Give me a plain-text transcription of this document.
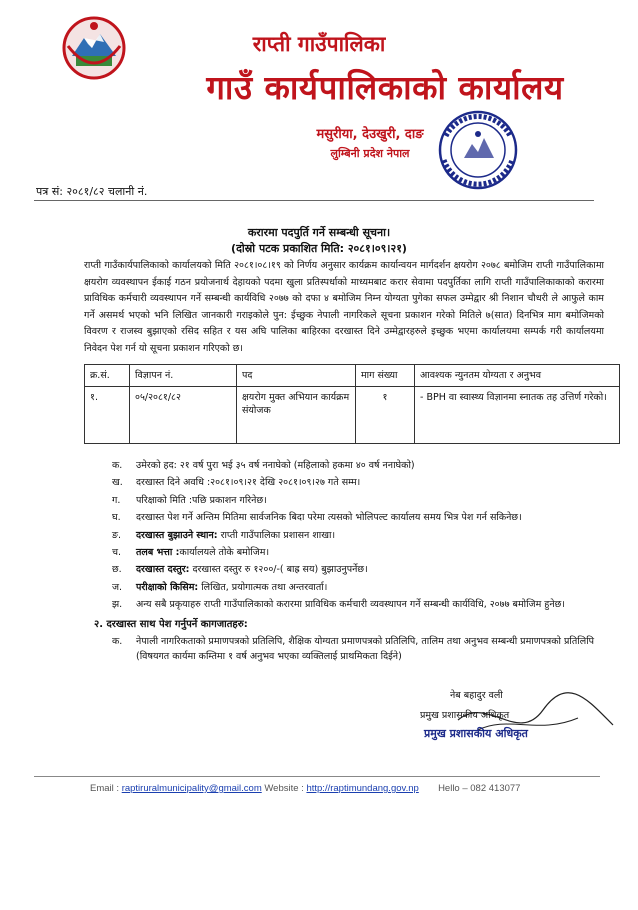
राप्ती गाउँपालिका
गाउँ कार्यपालिकाको कार्यालय
मसुरीया, देउखुरी, दाङ
लुम्बिनी प्रदेश नेपाल
पत्र सं: २०८१/८२ चलानी नं.
करारमा पदपुर्ति गर्ने सम्बन्धी सूचना।
(दोस्रो पटक प्रकाशित मिति: २०८१।०९।२१)
राप्ती गाउँकार्यपालिकाको कार्यालयको मिति २०८१।०८।१९ को निर्णय अनुसार कार्यक्रम कार्यान्वयन मार्गदर्शन क्षयरोग २०७८ बमोजिम राप्ती गाउँपालिकामा क्षयरोग व्यवस्थापन ईकाई गठन प्रयोजनार्थ देहायको पदमा खुला प्रतिस्पर्धाको माध्यमबाट करार सेवामा पदपुर्तिका लागि राप्ती गाउँपालिकाकाको करारमा प्राविधिक कर्मचारी व्यवस्थापन गर्ने सम्बन्धी कार्यविधि २०७७ को दफा ४ बमोजिम निम्न योग्यता पुगेका सफल उम्मेद्वार श्री निशान चौधरी ले आफुले काम गर्ने असमर्थ भएको भनि लिखित जानकारी गराइकोले पुन: ईच्छुक नेपाली नागरिकले सूचना प्रकाशन गरेको मितिले ७(सात) दिनभित्र माग बमोजिमको विवरण र राजस्व बुझाएको रसिद सहित र यस अघि पालिका बाहिरका दरखास्त दिने उम्मेद्वारहरुले इच्छुक भएमा कार्यालयमा सम्पर्क गरी कार्यालयमा निवेदन पेश गर्न यो सूचना प्रकाशन गरिएको छ।
क्र.सं.	विज्ञापन नं.	पद	माग संख्या	आवश्यक न्युनतम योग्यता र अनुभव
१.	०५/२०८१/८२	क्षयरोग मुक्त अभियान कार्यक्रम संयोजक	१	- BPH वा स्वास्थ्य विज्ञानमा स्नातक तह उत्तिर्ण गरेको।
क.	उमेरको हद: २१ वर्ष पुरा भई ३५ वर्ष ननाघेको (महिलाको हकमा ४० वर्ष ननाघेको)
ख.	दरखास्त दिने अवधि :२०८१।०९।२१ देखि २०८१।०९।२७ गते सम्म।
ग.	परिक्षाको मिति :पछि प्रकाशन गरिनेछ।
घ.	दरखास्त पेश गर्ने अन्तिम मितिमा सार्वजनिक बिदा परेमा त्यसको भोलिपल्ट कार्यालय समय भित्र पेश गर्न सकिनेछ।
ङ.	दरखास्त बुझाउने स्थान: राप्ती गाउँपालिका प्रशासन शाखा।
च.	तलब भत्ता :कार्यालयले तोके बमोजिम।
छ.	दरखास्त दस्तुर: दरखास्त दस्तुर रु १२००/-( बाह्र सय) बुझाउनुपर्नेछ।
ज.	परीक्षाको किसिम: लिखित, प्रयोगात्मक तथा अन्तरवार्ता।
झ.	अन्य सबै प्रकृयाहरु राप्ती गाउँपालिकाको करारमा प्राविधिक कर्मचारी व्यवस्थापन गर्ने सम्बन्धी कार्यविधि, २०७७ बमोजिम हुनेछ।
२. दरखास्त साथ पेश गर्नुपर्ने कागजातहरु:
क.	नेपाली नागरिकताको प्रमाणपत्रको प्रतिलिपि, शैक्षिक योग्यता प्रमाणपत्रको प्रतिलिपि, तालिम तथा अनुभव सम्बन्धी प्रमाणपत्रको प्रतिलिपि (विषयगत कार्यमा कम्तिमा १ वर्ष अनुभव भएका व्यक्तिलाई प्राथमिकता दिईने)
नेब बहादुर वली
प्रमुख प्रशासकीय अधिकृत
प्रमुख प्रशासकीय अधिकृत
Email : raptiruralmunicipality@gmail.com Website : http://raptimundang.gov.np Hello – 082 413077
